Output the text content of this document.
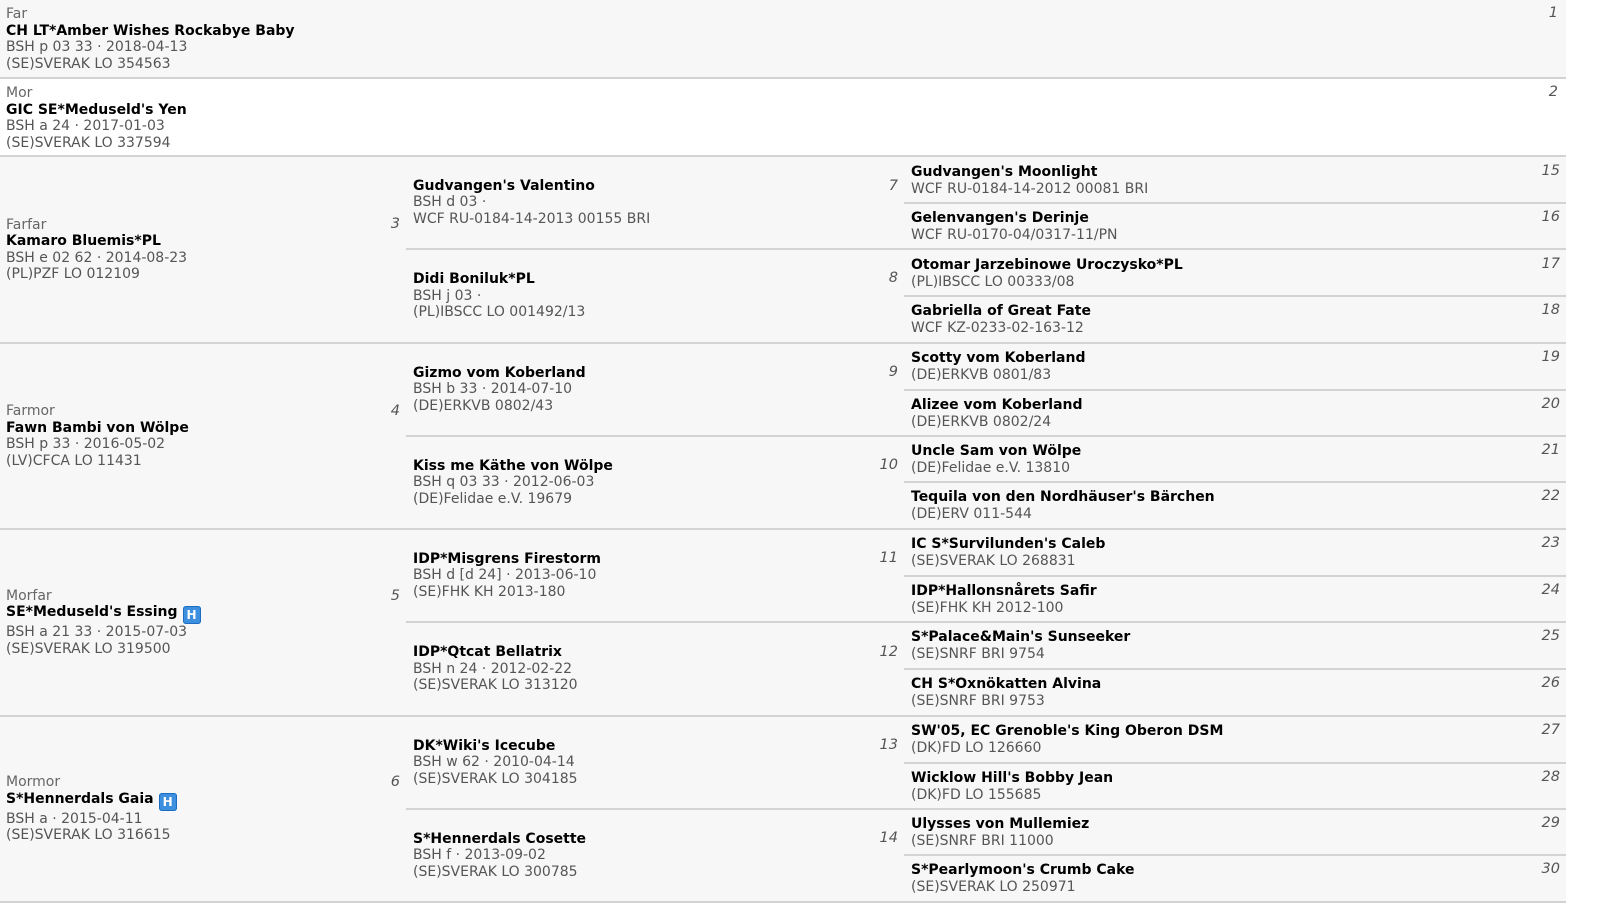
Far
CH LT*Amber Wishes Rockabye Baby
BSH p 03 33 · 2018-04-13
(SE)SVERAK LO 354563
1
Mor
GIC SE*Meduseld's Yen
BSH a 24 · 2017-01-03
(SE)SVERAK LO 337594
2
Farfar
Kamaro Bluemis*PL
BSH e 02 62 · 2014-08-23
(PL)PZF LO 012109
3
Gudvangen's Valentino
BSH d 03 ·
WCF RU-0184-14-2013 00155 BRI
7
Didi Boniluk*PL
BSH j 03 ·
(PL)IBSCC LO 001492/13
8
Gudvangen's Moonlight
WCF RU-0184-14-2012 00081 BRI
15
Gelenvangen's Derinje
WCF RU-0170-04/0317-11/PN
16
Otomar Jarzebinowe Uroczysko*PL
(PL)IBSCC LO 00333/08
17
Gabriella of Great Fate
WCF KZ-0233-02-163-12
18
Farmor
Fawn Bambi von Wölpe
BSH p 33 · 2016-05-02
(LV)CFCA LO 11431
4
Gizmo vom Koberland
BSH b 33 · 2014-07-10
(DE)ERKVB 0802/43
9
Kiss me Käthe von Wölpe
BSH q 03 33 · 2012-06-03
(DE)Felidae e.V. 19679
10
Scotty vom Koberland
(DE)ERKVB 0801/83
19
Alizee vom Koberland
(DE)ERKVB 0802/24
20
Uncle Sam von Wölpe
(DE)Felidae e.V. 13810
21
Tequila von den Nordhäuser's Bärchen
(DE)ERV 011-544
22
Morfar
SE*Meduseld's Essing H
BSH a 21 33 · 2015-07-03
(SE)SVERAK LO 319500
5
IDP*Misgrens Firestorm
BSH d [d 24] · 2013-06-10
(SE)FHK KH 2013-180
11
IDP*Qtcat Bellatrix
BSH n 24 · 2012-02-22
(SE)SVERAK LO 313120
12
IC S*Survilunden's Caleb
(SE)SVERAK LO 268831
23
IDP*Hallonsnårets Safir
(SE)FHK KH 2012-100
24
S*Palace&Main's Sunseeker
(SE)SNRF BRI 9754
25
CH S*Oxnökatten Alvina
(SE)SNRF BRI 9753
26
Mormor
S*Hennerdals Gaia H
BSH a · 2015-04-11
(SE)SVERAK LO 316615
6
DK*Wiki's Icecube
BSH w 62 · 2010-04-14
(SE)SVERAK LO 304185
13
S*Hennerdals Cosette
BSH f · 2013-09-02
(SE)SVERAK LO 300785
14
SW'05, EC Grenoble's King Oberon DSM
(DK)FD LO 126660
27
Wicklow Hill's Bobby Jean
(DK)FD LO 155685
28
Ulysses von Mullemiez
(SE)SNRF BRI 11000
29
S*Pearlymoon's Crumb Cake
(SE)SVERAK LO 250971
30
